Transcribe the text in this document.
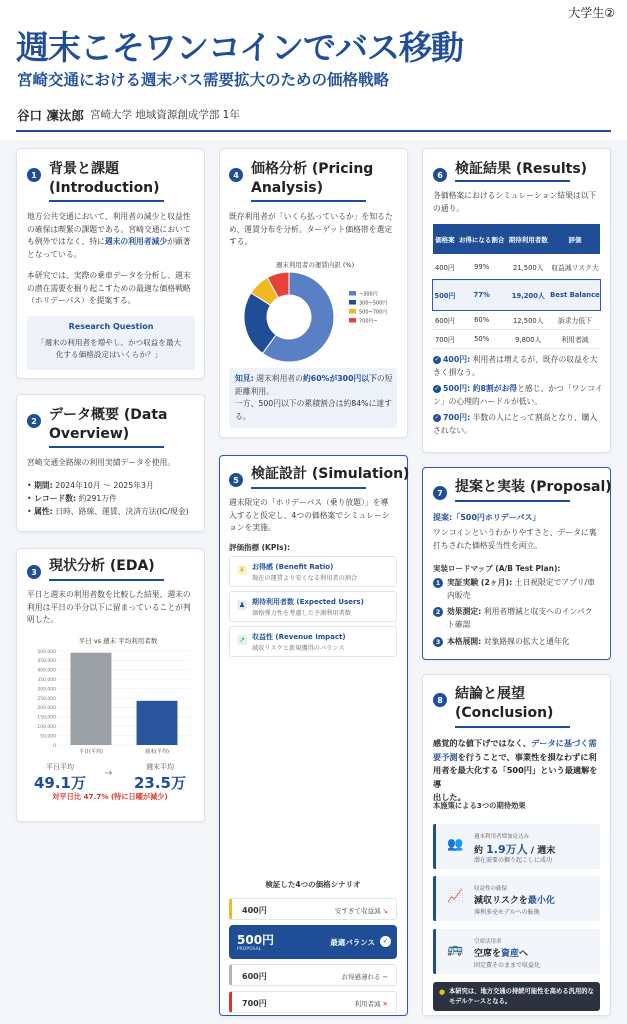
大学生②
週末こそワンコインでバス移動
宮崎交通における週末バス需要拡大のための価格戦略
谷口 凜汰郎 宮崎大学 地域資源創成学部 1年
1 背景と課題
(Introduction)
地方公共交通において、利用者の減少と収益性
の確保は喫緊の課題である。宮崎交通において
も例外ではなく、特に週末の利用者減少が顕著
となっている。
本研究では、実際の乗車データを分析し、週末
の潜在需要を掘り起こすための最適な価格戦略
（ホリデーパス）を提案する。
Research Question
「週末の利用者を増やし、かつ収益を最大化する価格設定はいくらか？」
2 データ概要 (Data
Overview)
宮崎交通全路線の利用実績データを使用。
• 期間: 2024年10月 〜 2025年3月
• レコード数: 約291万件
• 属性: 日時、路線、運賃、決済方法(IC/現金)
3 現状分析 (EDA)
平日と週末の利用者数を比較した結果、週末の
利用は平日の半分以下に留まっていることが判
明した。
平日 vs 週末 平均利用者数
0
50,000
100,000
150,000
200,000
250,000
300,000
350,000
400,000
450,000
500,000
平日(平均)	週末(平均)
平日平均
49.1万
→
週末平均
23.5万
対平日比 47.7% (特に日曜が減少)
4 価格分析 (Pricing
Analysis)
既存利用者が「いくら払っているか」を知るた
め、運賃分布を分析。ターゲット価格帯を選定
する。
週末利用者の運賃内訳 (%)
~300円
300~500円
500~700円
700円~
知見: 週末利用者の約60%が300円以下の短
距離利用。
一方、500円以下の累積割合は約84%に達す
る。
5 検証設計 (Simulation)
週末限定の「ホリデーパス（乗り放題）」を導
入すると仮定し、4つの価格案でシミュレーシ
ョンを実施。
評価指標 (KPIs):
¥	お得感 (Benefit Ratio)
現在の運賃より安くなる利用者の割合
♟ 期待利用者数 (Expected Users)
価格弾力性を考慮した予測利用者数
↗ 収益性 (Revenue Impact)
減収リスクと新規獲得のバランス
検証した4つの価格シナリオ
400円	安すぎて収益減 ↘
500円
PROPOSAL
最適バランス	✓
600円	お得感薄れる −
700円	利用者減 ✕
6 検証結果 (Results)
各価格案におけるシミュレーション結果は以下
の通り。
価格案	お得になる割合	期待利用者数	評価
400円	99%	21,500人	収益減リスク大
500円	77%	19,200人	Best Balance
600円	60%	12,500人	訴求力低下
700円	50%	9,800人	利用者減
✓ 400円: 利用者は増えるが、既存の収益を大
きく損なう。
✓ 500円: 約8割がお得と感じ、かつ「ワンコイ
ン」の心理的ハードルが低い。
✓ 700円: 半数の人にとって割高となり、購入
されない。
7 提案と実装 (Proposal)
提案:「500円ホリデーパス」
ワンコインというわかりやすさと、データに裏
打ちされた価格妥当性を両立。
実装ロードマップ (A/B Test Plan):
1 実証実験 (2ヶ月): 土日祝限定でアプリ/車
内販売
2 効果測定: 利用者増減と収支へのインパク
ト確認
3 本格展開: 対象路線の拡大と通年化
8 結論と展望
(Conclusion)
感覚的な値下げではなく、データに基づく需
要予測を行うことで、事業性を損なわずに利
用者を最大化する「500円」という最適解を導
出した。
本施策による3つの期待効果
👥 週末利用者増加見込み
約 1.9万人 / 週末
潜在需要の掘り起こしに成功
📈 収益性の確保
減収リスクを最小化
薄利多売モデルへの転換
🚌 空席活用率
空席を資産へ
固定費そのままで収益化
● 本研究は、地方交通の持続可能性を高める汎用的なモデルケースとなる。
